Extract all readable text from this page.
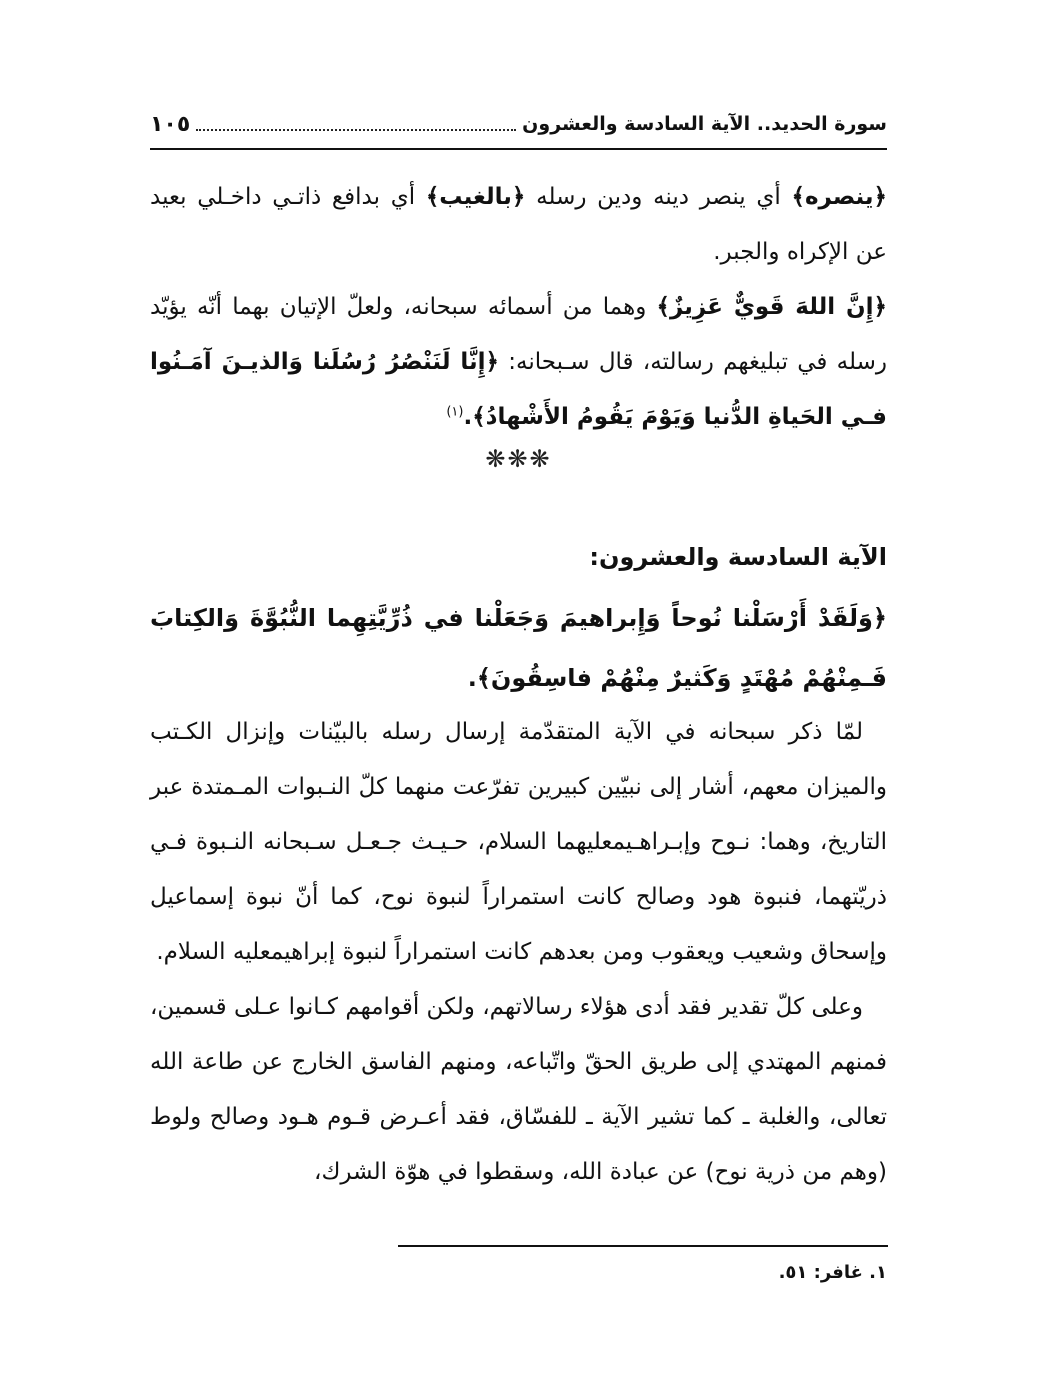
سورة الحديد.. الآية السادسة والعشرون
١٠٥

﴿ينصره﴾ أي ينصر دينه ودين رسله ﴿بالغيب﴾ أي بدافع ذاتـي داخـلي بعيد عن الإكراه والجبر.

﴿إِنَّ اللهَ قَويٌّ عَزِيزٌ﴾ وهما من أسمائه سبحانه، ولعلّ الإتيان بهما أنّه يؤيّد رسله في تبليغهم رسالته، قال سـبحانه: ﴿إِنَّا لَنَنْصُرُ رُسُلَنا وَالذيـنَ آمَـنُوا فـي الحَياةِ الدُّنيا وَيَوْمَ يَقُومُ الأَشْهادُ﴾.$^{(١)}$

❋❋❋
الآية السادسة والعشرون:
﴿وَلَقَدْ أَرْسَلْنا نُوحاً وَإِبراهيمَ وَجَعَلْنا في ذُرِّيَّتِهِما النُّبُوَّةَ وَالكِتابَ فَـمِنْهُمْ مُهْتَدٍ وَكَثيرٌ مِنْهُمْ فاسِقُونَ﴾.

لمّا ذكر سبحانه في الآية المتقدّمة إرسال رسله بالبيّنات وإنزال الكـتب والميزان معهم، أشار إلى نبيّين كبيرين تفرّعت منهما كلّ النـبوات المـمتدة عبر التاريخ، وهما: نـوح وإبـراهـيمعليهما السلام، حـيـث جـعـل سـبحانه النـبوة فـي ذريّتهما، فنبوة هود وصالح كانت استمراراً لنبوة نوح، كما أنّ نبوة إسماعيل وإسحاق وشعيب ويعقوب ومن بعدهم كانت استمراراً لنبوة إبراهيمعليه السلام.

وعلى كلّ تقدير فقد أدى هؤلاء رسالاتهم، ولكن أقوامهم كـانوا عـلى قسمين، فمنهم المهتدي إلى طريق الحقّ واتّباعه، ومنهم الفاسق الخارج عن طاعة الله تعالى، والغلبة ـ كما تشير الآية ـ للفسّاق، فقد أعـرض قـوم هـود وصالح ولوط (وهم من ذرية نوح) عن عبادة الله، وسقطوا في هوّة الشرك،

١. غافر: ٥١.
